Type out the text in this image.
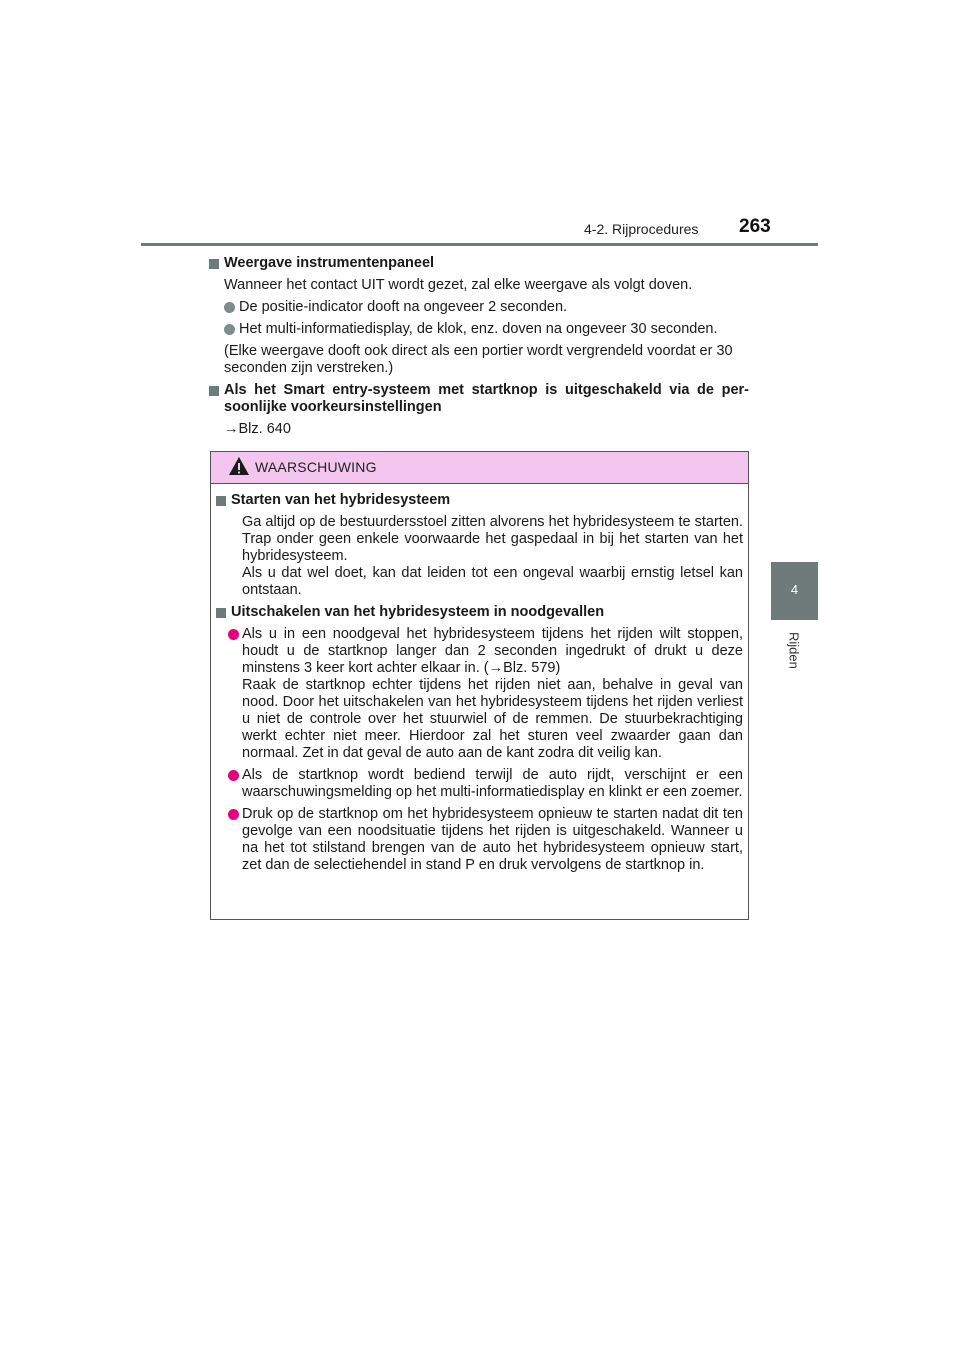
4-2. Rijprocedures 263
4
Rijden
Weergave instrumentenpaneel
Wanneer het contact UIT wordt gezet, zal elke weergave als volgt doven.
De positie-indicator dooft na ongeveer 2 seconden.
Het multi-informatiedisplay, de klok, enz. doven na ongeveer 30 seconden.
(Elke weergave dooft ook direct als een portier wordt vergrendeld voordat er 30 seconden zijn verstreken.)
Als het Smart entry-systeem met startknop is uitgeschakeld via de per-
soonlijke voorkeursinstellingen
→Blz. 640
WAARSCHUWING
Starten van het hybridesysteem
Ga altijd op de bestuurdersstoel zitten alvorens het hybridesysteem te starten. Trap onder geen enkele voorwaarde het gaspedaal in bij het starten van het hybridesysteem.
Als u dat wel doet, kan dat leiden tot een ongeval waarbij ernstig letsel kan ontstaan.
Uitschakelen van het hybridesysteem in noodgevallen
Als u in een noodgeval het hybridesysteem tijdens het rijden wilt stoppen, houdt u de startknop langer dan 2 seconden ingedrukt of drukt u deze minstens 3 keer kort achter elkaar in. (→Blz. 579)
Raak de startknop echter tijdens het rijden niet aan, behalve in geval van nood. Door het uitschakelen van het hybridesysteem tijdens het rijden verliest u niet de controle over het stuurwiel of de remmen. De stuurbekrachtiging werkt echter niet meer. Hierdoor zal het sturen veel zwaarder gaan dan normaal. Zet in dat geval de auto aan de kant zodra dit veilig kan.
Als de startknop wordt bediend terwijl de auto rijdt, verschijnt er een waarschuwingsmelding op het multi-informatiedisplay en klinkt er een zoemer.
Druk op de startknop om het hybridesysteem opnieuw te starten nadat dit ten gevolge van een noodsituatie tijdens het rijden is uitgeschakeld. Wanneer u na het tot stilstand brengen van de auto het hybridesysteem opnieuw start, zet dan de selectiehendel in stand P en druk vervolgens de startknop in.
